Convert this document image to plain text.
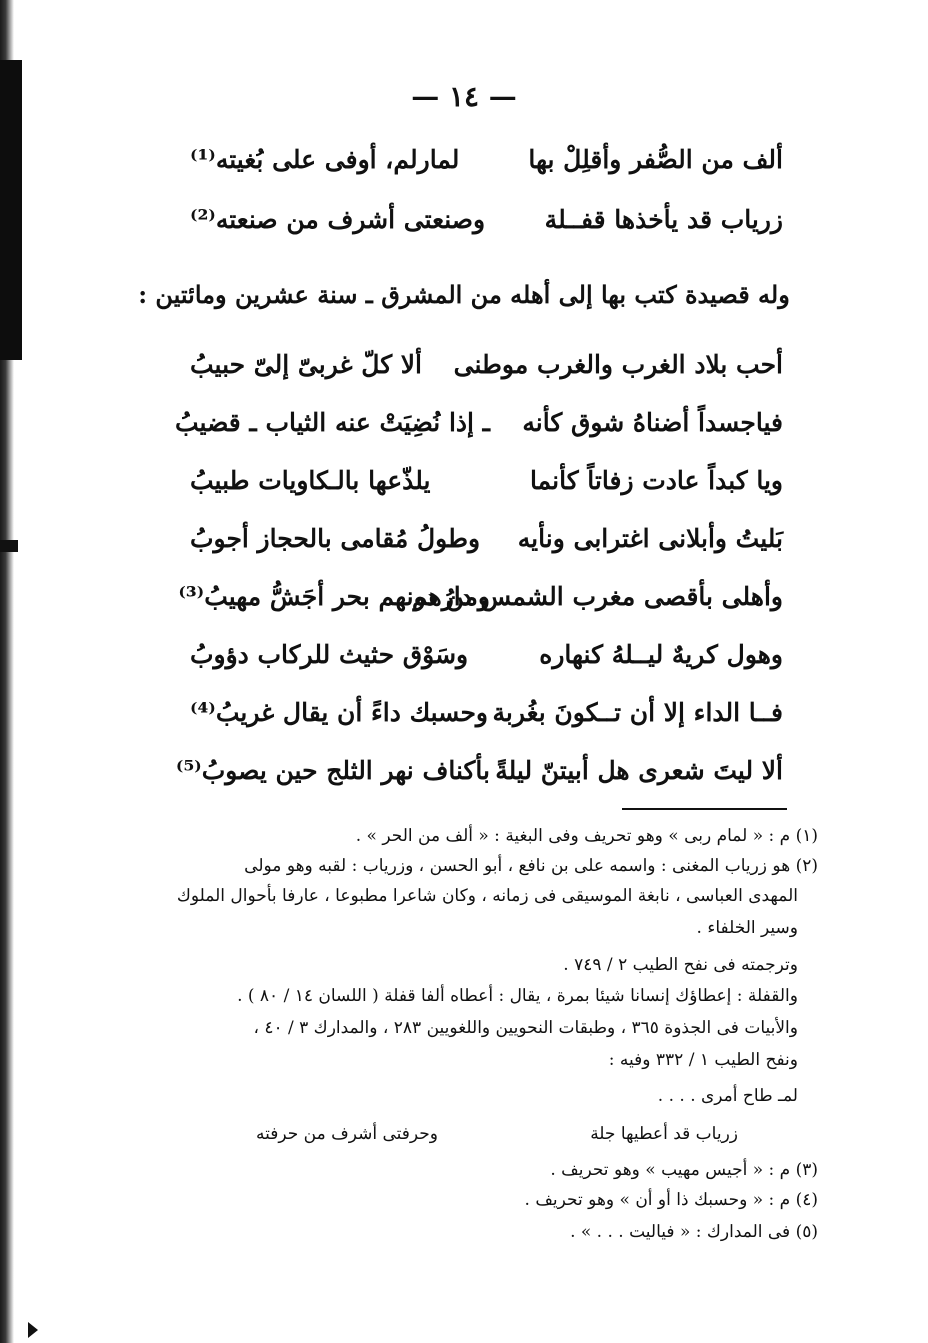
— ١٤ —
ألف من الصُّفر وأقلِلْ بها
لمارلم، أوفى على بُغيته⁽¹⁾
زرياب قد يأخذها قفــلة
وصنعتى أشرف من صنعته⁽²⁾
وله قصيدة كتب بها إلى أهله من المشرق ـ سنة عشرين ومائتين :
أحب بلاد الغرب والغرب موطنى
ألا كلّ غربىّ إلىّ حبيبُ
فياجسداً أضناهُ شوق كأنه
ـ إذا نُضِيَتْ عنه الثياب ـ قضيبُ
ويا كبداً عادت زفاتاً كأنما
يلذّعها بالـكاويات طبيبُ
بَليتُ وأبلانى اغترابى ونأيه
وطولُ مُقامى بالحجاز أجوبُ
وأهلى بأقصى مغرب الشمس دارُهم
ومن دونهم بحر أجَشُّ مهيبُ⁽³⁾
وهول كريهٌ ليــلهُ كنهاره
وسَوْق حثيث للركاب دؤوبُ
فــا الداء إلا أن تــكونَ بغُربة
وحسبك داءً أن يقال غريبُ⁽⁴⁾
ألا ليتَ شعرى هل أبيتنّ ليلةً
بأكناف نهر الثلج حين يصوبُ⁽⁵⁾
(١) م : « لمام ربى » وهو تحريف وفى البغية : « ألف من الحر » .
(٢) هو زرياب المغنى : واسمه على بن نافع ، أبو الحسن ، وزرياب : لقبه وهو مولى
المهدى العباسى ، نابغة الموسيقى فى زمانه ، وكان شاعرا مطبوعا ، عارفا بأحوال الملوك
وسير الخلفاء .
وترجمته فى نفح الطيب ٢ / ٧٤٩ .
والقفلة : إعطاؤك إنسانا شيئا بمرة ، يقال : أعطاه ألفا قفلة ( اللسان ١٤ / ٨٠ ) .
والأبيات فى الجذوة ٣٦٥ ، وطبقات النحويين واللغويين ٢٨٣ ، والمدارك ٣ / ٤٠ ،
ونفح الطيب ١ / ٣٣٢ وفيه :
لمـ طاح أمرى . . . .
زرياب قد أعطيها جلة
وحرفتى أشرف من حرفته
(٣) م : « أجيس مهيب » وهو تحريف .
(٤) م : « وحسبك ذا أو أن » وهو تحريف .
(٥) فى المدارك : « فياليت . . . » .
